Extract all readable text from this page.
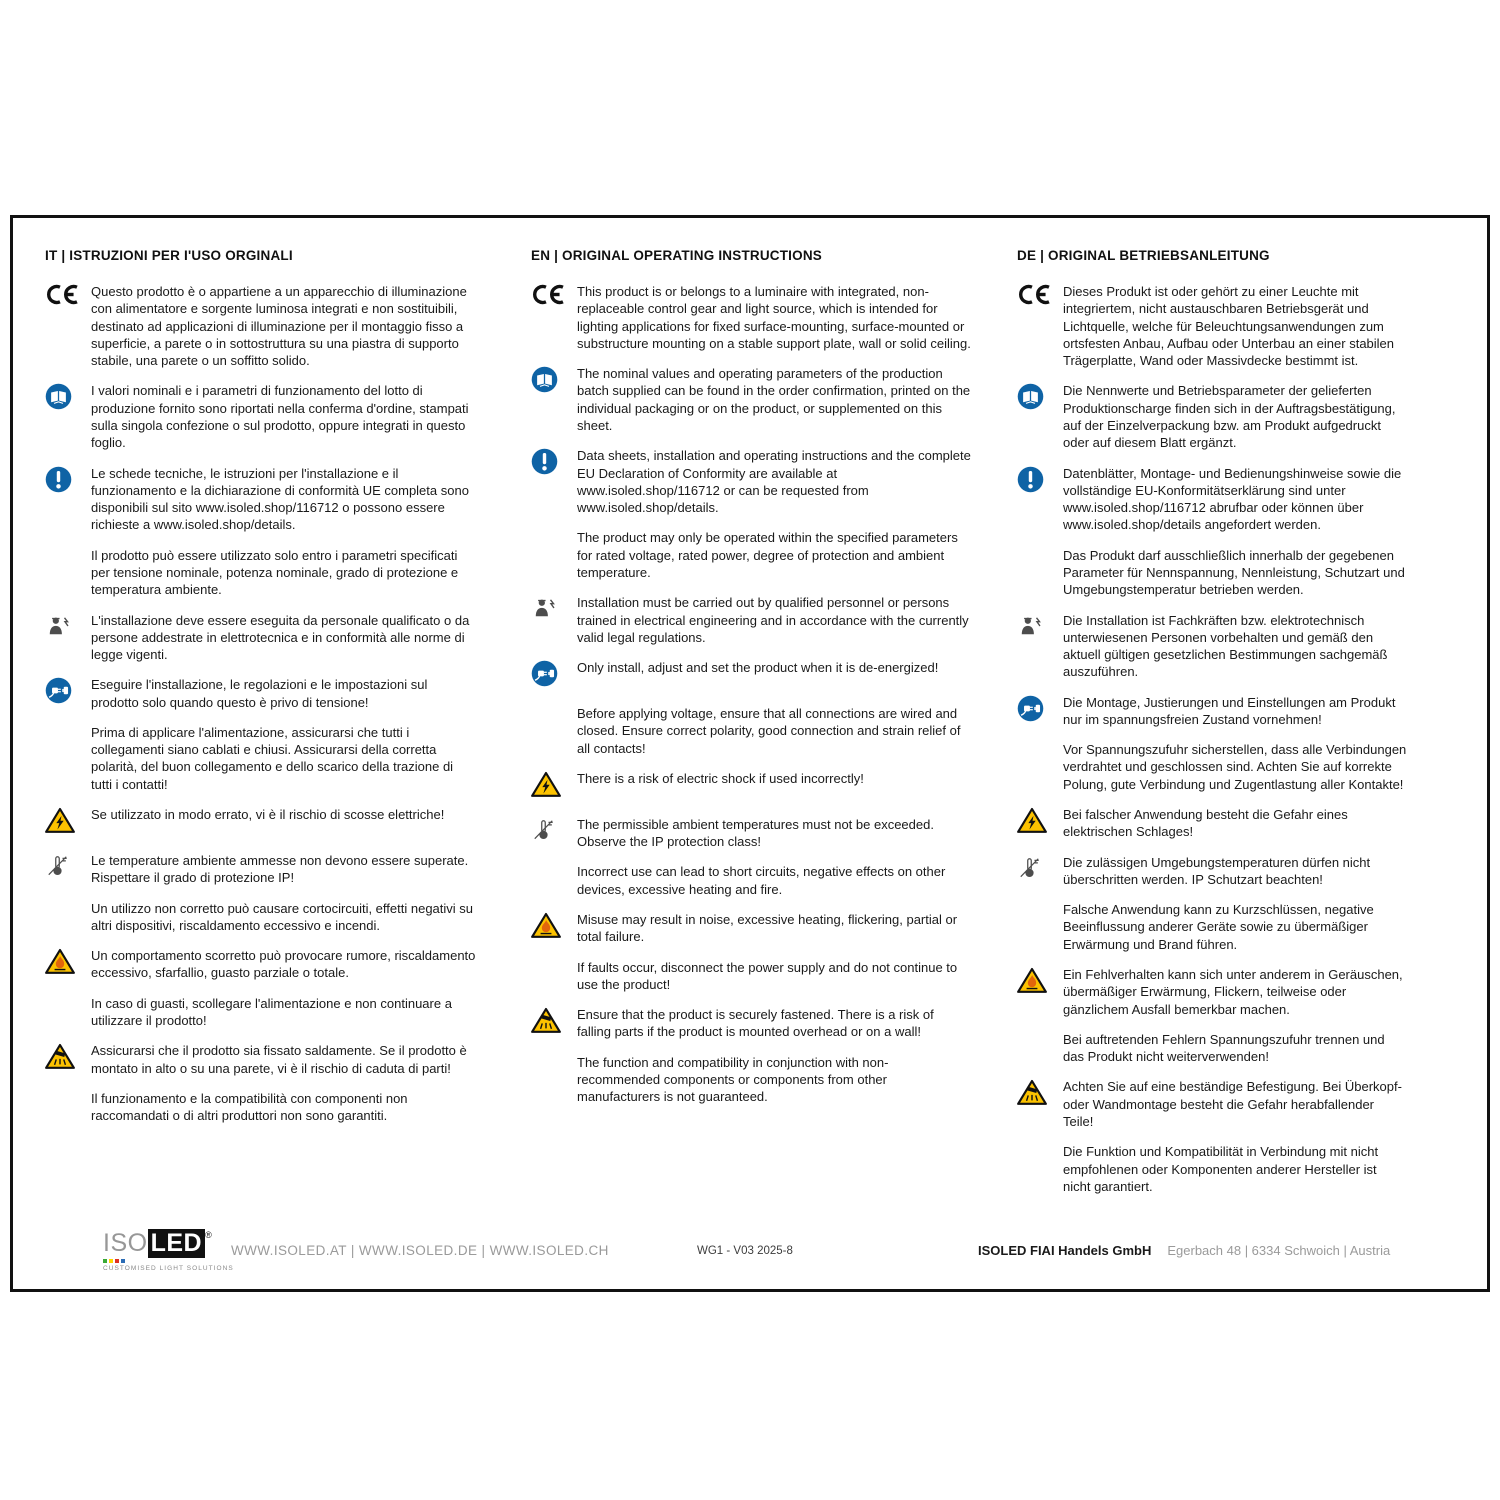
IT | ISTRUZIONI PER I'USO ORGINALI

Questo prodotto è o appartiene a un apparecchio di illuminazione con alimentatore e sorgente luminosa integrati e non sostituibili, destinato ad applicazioni di illuminazione per il montaggio fisso a superficie, a parete o in sottostruttura su una piastra di supporto stabile, una parete o un soffitto solido.

I valori nominali e i parametri di funzionamento del lotto di produzione fornito sono riportati nella conferma d'ordine, stampati sulla singola confezione o sul prodotto, oppure integrati in questo foglio.

Le schede tecniche, le istruzioni per l'installazione e il funzionamento e la dichiarazione di conformità UE completa sono disponibili sul sito www.isoled.shop/116712 o possono essere richieste a www.isoled.shop/details.

Il prodotto può essere utilizzato solo entro i parametri specificati per tensione nominale, potenza nominale, grado di protezione e temperatura ambiente.

L'installazione deve essere eseguita da personale qualificato o da persone addestrate in elettrotecnica e in conformità alle norme di legge vigenti.

Eseguire l'installazione, le regolazioni e le impostazioni sul prodotto solo quando questo è privo di tensione!

Prima di applicare l'alimentazione, assicurarsi che tutti i collegamenti siano cablati e chiusi. Assicurarsi della corretta polarità, del buon collegamento e dello scarico della trazione di tutti i contatti!

Se utilizzato in modo errato, vi è il rischio di scosse elettriche!

Le temperature ambiente ammesse non devono essere superate. Rispettare il grado di protezione IP!

Un utilizzo non corretto può causare cortocircuiti, effetti negativi su altri dispositivi, riscaldamento eccessivo e incendi.

Un comportamento scorretto può provocare rumore, riscaldamento eccessivo, sfarfallio, guasto parziale o totale.

In caso di guasti, scollegare l'alimentazione e non continuare a utilizzare il prodotto!

Assicurarsi che il prodotto sia fissato saldamente. Se il prodotto è montato in alto o su una parete, vi è il rischio di caduta di parti!

Il funzionamento e la compatibilità con componenti non raccomandati o di altri produttori non sono garantiti.

EN | ORIGINAL OPERATING INSTRUCTIONS

This product is or belongs to a luminaire with integrated, non-replaceable control gear and light source, which is intended for lighting applications for fixed surface-mounting, surface-mounted or substructure mounting on a stable support plate, wall or solid ceiling.

The nominal values and operating parameters of the production batch supplied can be found in the order confirmation, printed on the individual packaging or on the product, or supplemented on this sheet.

Data sheets, installation and operating instructions and the complete EU Declaration of Conformity are available at www.isoled.shop/116712 or can be requested from www.isoled.shop/details.

The product may only be operated within the specified parameters for rated voltage, rated power, degree of protection and ambient temperature.

Installation must be carried out by qualified personnel or persons trained in electrical engineering and in accordance with the currently valid legal regulations.

Only install, adjust and set the product when it is de-energized!

Before applying voltage, ensure that all connections are wired and closed. Ensure correct polarity, good connection and strain relief of all contacts!

There is a risk of electric shock if used incorrectly!

The permissible ambient temperatures must not be exceeded. Observe the IP protection class!

Incorrect use can lead to short circuits, negative effects on other devices, excessive heating and fire.

Misuse may result in noise, excessive heating, flickering, partial or total failure.

If faults occur, disconnect the power supply and do not continue to use the product!

Ensure that the product is securely fastened. There is a risk of falling parts if the product is mounted overhead or on a wall!

The function and compatibility in conjunction with non-recommended components or components from other manufacturers is not guaranteed.

DE | ORIGINAL BETRIEBSANLEITUNG

Dieses Produkt ist oder gehört zu einer Leuchte mit integriertem, nicht austauschbaren Betriebsgerät und Lichtquelle, welche für Beleuchtungsanwendungen zum ortsfesten Anbau, Aufbau oder Unterbau an einer stabilen Trägerplatte, Wand oder Massivdecke bestimmt ist.

Die Nennwerte und Betriebsparameter der gelieferten Produktionscharge finden sich in der Auftragsbestätigung, auf der Einzelverpackung bzw. am Produkt aufgedruckt oder auf diesem Blatt ergänzt.

Datenblätter, Montage- und Bedienungshinweise sowie die vollständige EU-Konformitätserklärung sind unter www.isoled.shop/116712 abrufbar oder können über www.isoled.shop/details angefordert werden.

Das Produkt darf ausschließlich innerhalb der gegebenen Parameter für Nennspannung, Nennleistung, Schutzart und Umgebungstemperatur betrieben werden.

Die Installation ist Fachkräften bzw. elektrotechnisch unterwiesenen Personen vorbehalten und gemäß den aktuell gültigen gesetzlichen Bestimmungen sachgemäß auszuführen.

Die Montage, Justierungen und Einstellungen am Produkt nur im spannungsfreien Zustand vornehmen!

Vor Spannungszufuhr sicherstellen, dass alle Verbindungen verdrahtet und geschlossen sind. Achten Sie auf korrekte Polung, gute Verbindung und Zugentlastung aller Kontakte!

Bei falscher Anwendung besteht die Gefahr eines elektrischen Schlages!

Die zulässigen Umgebungstemperaturen dürfen nicht überschritten werden. IP Schutzart beachten!

Falsche Anwendung kann zu Kurzschlüssen, negative Beeinflussung anderer Geräte sowie zu übermäßiger Erwärmung und Brand führen.

Ein Fehlverhalten kann sich unter anderem in Geräuschen, übermäßiger Erwärmung, Flickern, teilweise oder gänzlichem Ausfall bemerkbar machen.

Bei auftretenden Fehlern Spannungszufuhr trennen und das Produkt nicht weiterverwenden!

Achten Sie auf eine beständige Befestigung. Bei Überkopf- oder Wandmontage besteht die Gefahr herabfallender Teile!

Die Funktion und Kompatibilität in Verbindung mit nicht empfohlenen oder Komponenten anderer Hersteller ist nicht garantiert.

ISO LED ®
CUSTOMISED LIGHT SOLUTIONS
WWW.ISOLED.AT | WWW.ISOLED.DE | WWW.ISOLED.CH	WG1 - V03 2025-8	ISOLED FIAI Handels GmbH Egerbach 48 | 6334 Schwoich | Austria
